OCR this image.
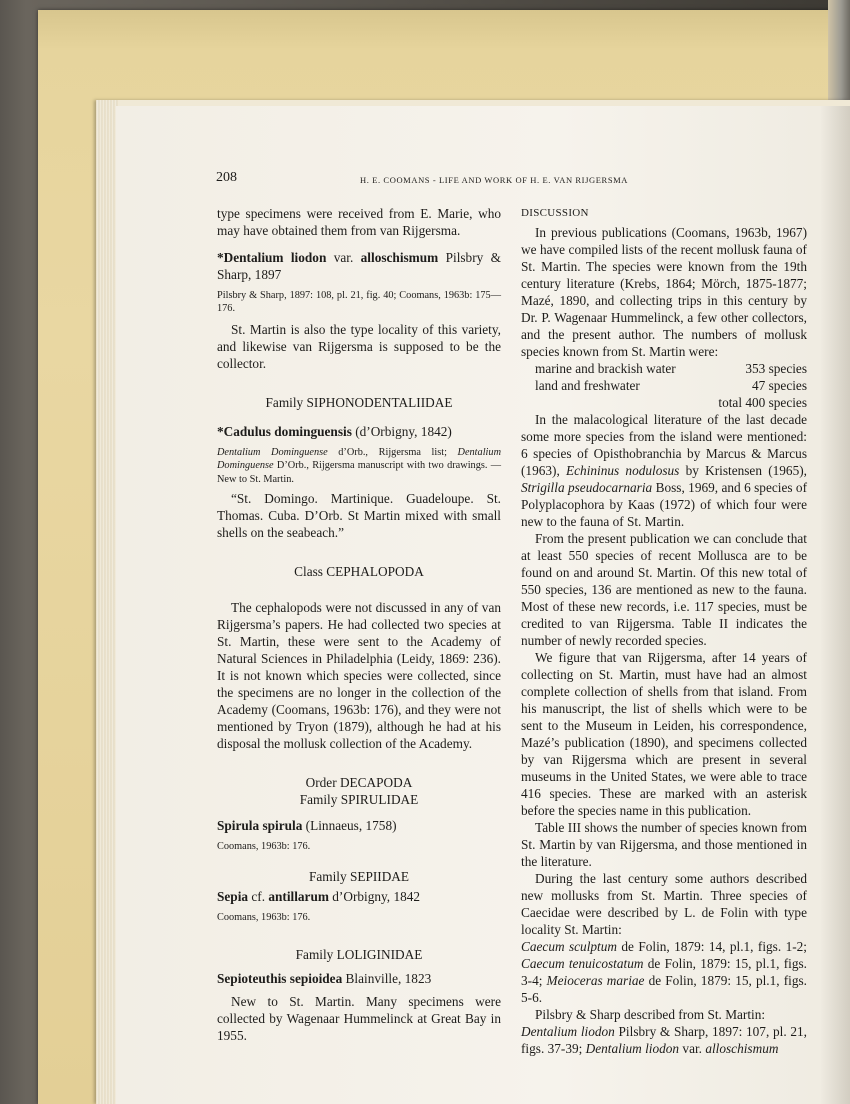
208	H. E. COOMANS - LIFE AND WORK OF H. E. VAN RIJGERSMA

type specimens were received from E. Marie, who may have obtained them from van Rijgersma.

*Dentalium liodon var. alloschismum Pilsbry & Sharp, 1897

Pilsbry & Sharp, 1897: 108, pl. 21, fig. 40; Coomans, 1963b: 175—176.

St. Martin is also the type locality of this variety, and likewise van Rijgersma is supposed to be the collector.

Family SIPHONODENTALIIDAE

*Cadulus dominguensis (d’Orbigny, 1842)

Dentalium Dominguense d’Orb., Rijgersma list; Dentalium Dominguense D’Orb., Rijgersma manuscript with two drawings. — New to St. Martin.

“St. Domingo. Martinique. Guadeloupe. St. Thomas. Cuba. D’Orb. St Martin mixed with small shells on the seabeach.”

Class CEPHALOPODA

The cephalopods were not discussed in any of van Rijgersma’s papers. He had collected two species at St. Martin, these were sent to the Academy of Natural Sciences in Philadelphia (Leidy, 1869: 236). It is not known which species were collected, since the specimens are no longer in the collection of the Academy (Coomans, 1963b: 176), and they were not mentioned by Tryon (1879), although he had at his disposal the mollusk collection of the Academy.

Order DECAPODA

Family SPIRULIDAE

Spirula spirula (Linnaeus, 1758)

Coomans, 1963b: 176.

Family SEPIIDAE

Sepia cf. antillarum d’Orbigny, 1842

Coomans, 1963b: 176.

Family LOLIGINIDAE

Sepioteuthis sepioidea Blainville, 1823

New to St. Martin. Many specimens were collected by Wagenaar Hummelinck at Great Bay in 1955.

DISCUSSION

In previous publications (Coomans, 1963b, 1967) we have compiled lists of the recent mollusk fauna of St. Martin. The species were known from the 19th century literature (Krebs, 1864; Mörch, 1875-1877; Mazé, 1890, and collecting trips in this century by Dr. P. Wagenaar Hummelinck, a few other collectors, and the present author. The numbers of mollusk species known from St. Martin were:

marine and brackish water	353 species
land and freshwater	47 species
total 400 species

In the malacological literature of the last decade some more species from the island were mentioned: 6 species of Opisthobranchia by Marcus & Marcus (1963), Echininus nodulosus by Kristensen (1965), Strigilla pseudocarnaria Boss, 1969, and 6 species of Polyplacophora by Kaas (1972) of which four were new to the fauna of St. Martin.

From the present publication we can conclude that at least 550 species of recent Mollusca are to be found on and around St. Martin. Of this new total of 550 species, 136 are mentioned as new to the fauna. Most of these new records, i.e. 117 species, must be credited to van Rijgersma. Table II indicates the number of newly recorded species.

We figure that van Rijgersma, after 14 years of collecting on St. Martin, must have had an almost complete collection of shells from that island. From his manuscript, the list of shells which were to be sent to the Museum in Leiden, his correspondence, Mazé’s publication (1890), and specimens collected by van Rijgersma which are present in several museums in the United States, we were able to trace 416 species. These are marked with an asterisk before the species name in this publication.

Table III shows the number of species known from St. Martin by van Rijgersma, and those mentioned in the literature.

During the last century some authors described new mollusks from St. Martin. Three species of Caecidae were described by L. de Folin with type locality St. Martin:

Caecum sculptum de Folin, 1879: 14, pl.1, figs. 1-2; Caecum tenuicostatum de Folin, 1879: 15, pl.1, figs. 3-4; Meioceras mariae de Folin, 1879: 15, pl.1, figs. 5-6.

Pilsbry & Sharp described from St. Martin:

Dentalium liodon Pilsbry & Sharp, 1897: 107, pl. 21, figs. 37-39; Dentalium liodon var. alloschismum
